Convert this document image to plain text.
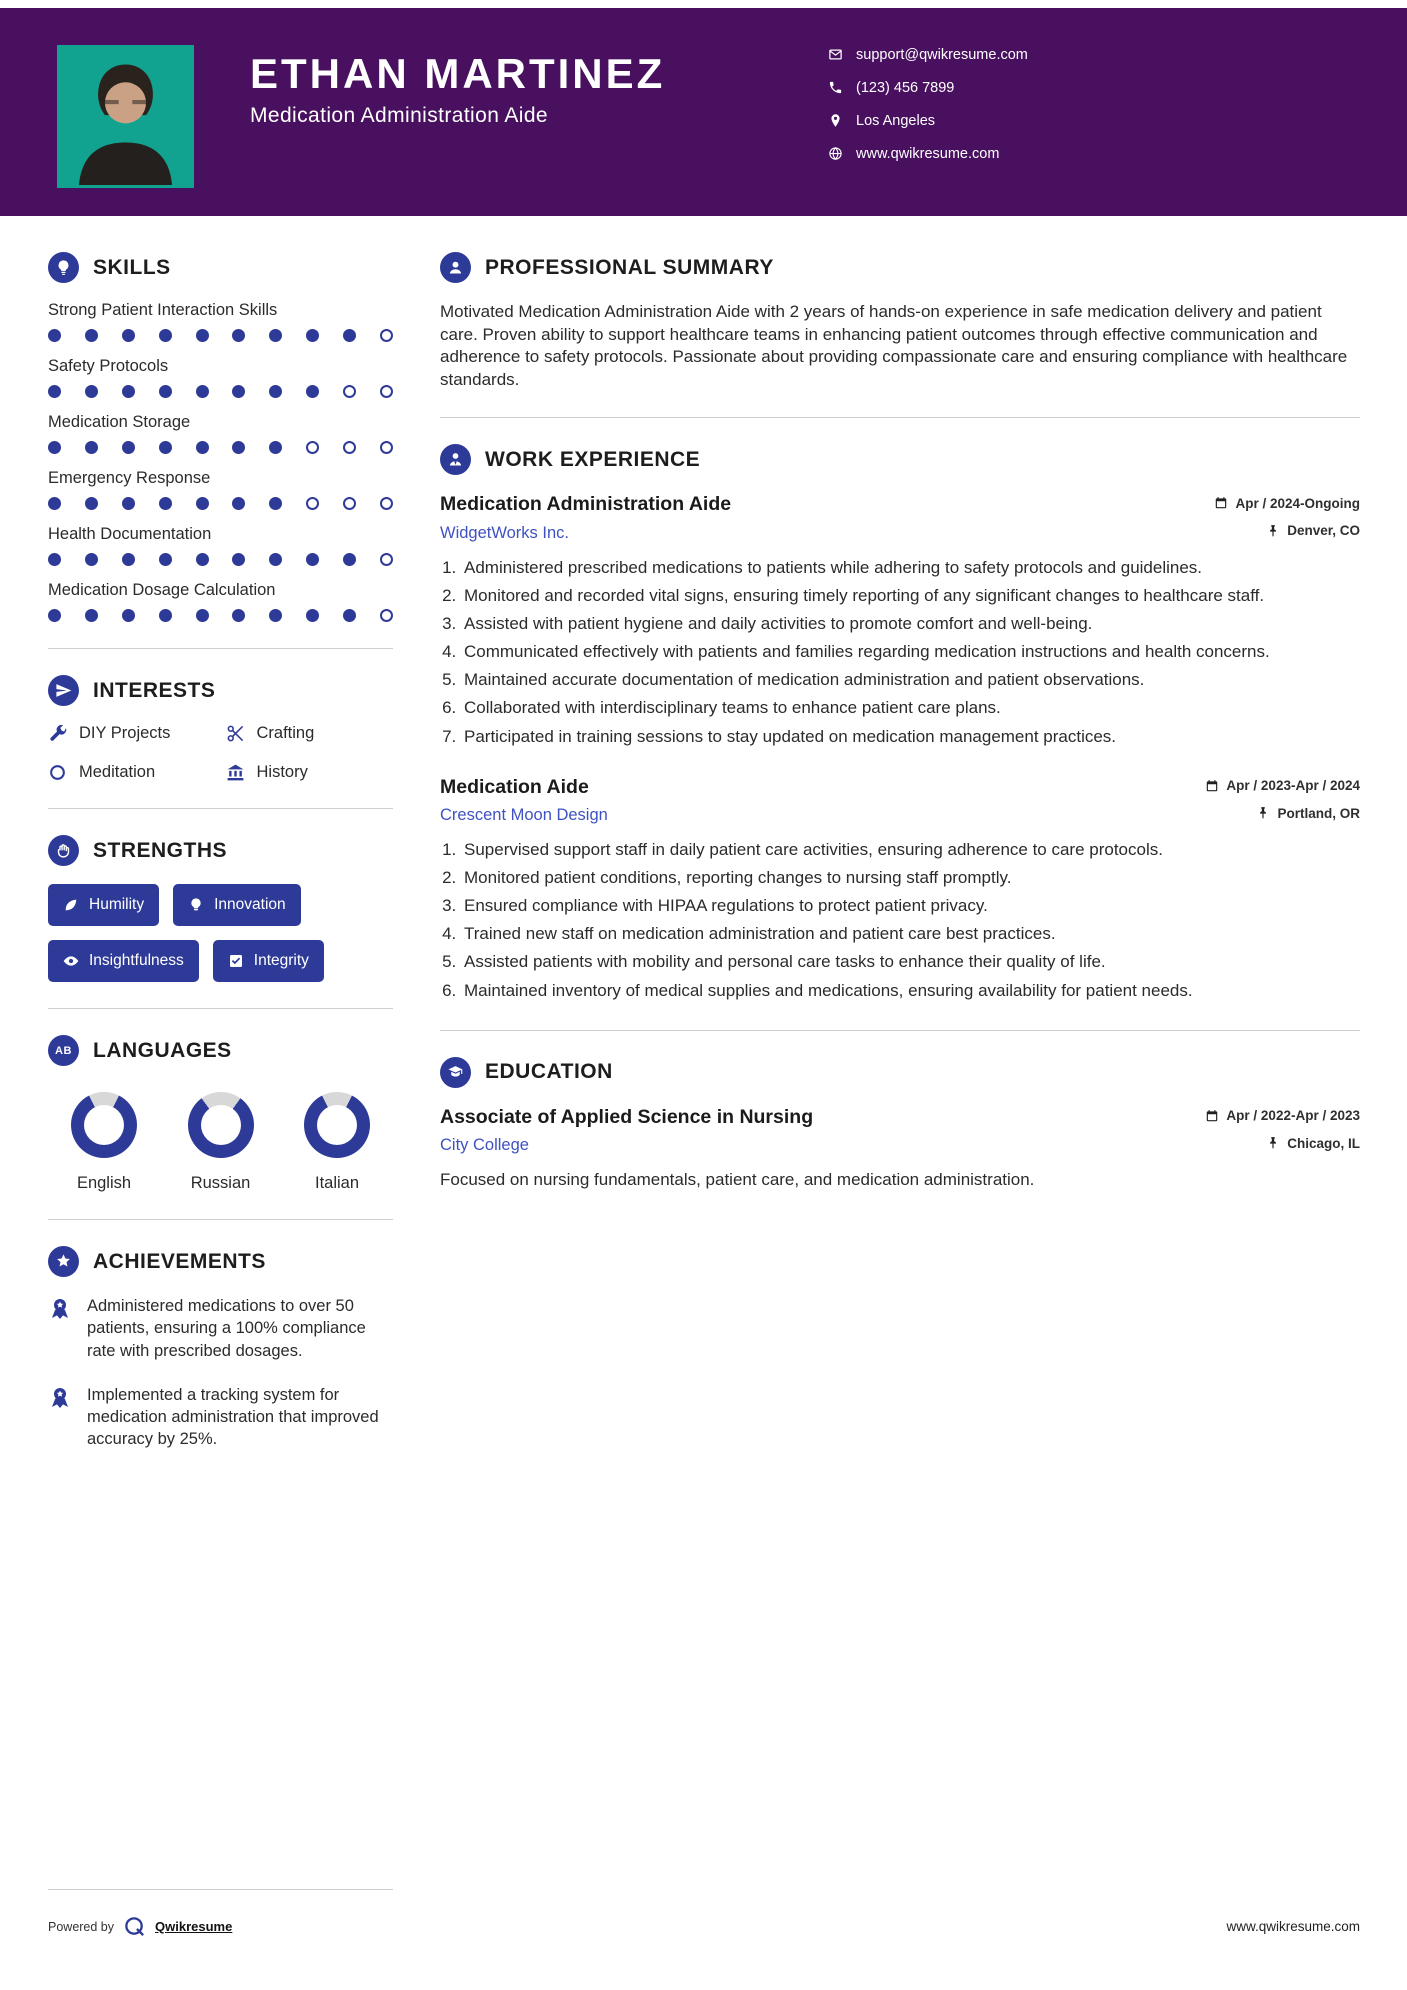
ETHAN MARTINEZ
Medication Administration Aide
support@qwikresume.com
(123) 456 7899
Los Angeles
www.qwikresume.com
SKILLS
Strong Patient Interaction Skills
Safety Protocols
Medication Storage
Emergency Response
Health Documentation
Medication Dosage Calculation
INTERESTS
DIY Projects	Crafting
Meditation	History
STRENGTHS
Humility	Innovation
Insightfulness	Integrity
AB LANGUAGES
English	Russian	Italian
ACHIEVEMENTS
Administered medications to over 50 patients, ensuring a 100% compliance rate with prescribed dosages.
Implemented a tracking system for medication administration that improved accuracy by 25%.
PROFESSIONAL SUMMARY

Motivated Medication Administration Aide with 2 years of hands-on experience in safe medication delivery and patient care. Proven ability to support healthcare teams in enhancing patient outcomes through effective communication and adherence to safety protocols. Passionate about providing compassionate care and ensuring compliance with healthcare standards.

WORK EXPERIENCE
Medication Administration Aide	Apr / 2024-Ongoing
WidgetWorks Inc.	Denver, CO
1. Administered prescribed medications to patients while adhering to safety protocols and guidelines.
2. Monitored and recorded vital signs, ensuring timely reporting of any significant changes to healthcare staff.
3. Assisted with patient hygiene and daily activities to promote comfort and well-being.
4. Communicated effectively with patients and families regarding medication instructions and health concerns.
5. Maintained accurate documentation of medication administration and patient observations.
6. Collaborated with interdisciplinary teams to enhance patient care plans.
7. Participated in training sessions to stay updated on medication management practices.
Medication Aide	Apr / 2023-Apr / 2024
Crescent Moon Design	Portland, OR
1. Supervised support staff in daily patient care activities, ensuring adherence to care protocols.
2. Monitored patient conditions, reporting changes to nursing staff promptly.
3. Ensured compliance with HIPAA regulations to protect patient privacy.
4. Trained new staff on medication administration and patient care best practices.
5. Assisted patients with mobility and personal care tasks to enhance their quality of life.
6. Maintained inventory of medical supplies and medications, ensuring availability for patient needs.
EDUCATION
Associate of Applied Science in Nursing	Apr / 2022-Apr / 2023
City College	Chicago, IL
Focused on nursing fundamentals, patient care, and medication administration.
Powered by	Qwikresume	www.qwikresume.com
